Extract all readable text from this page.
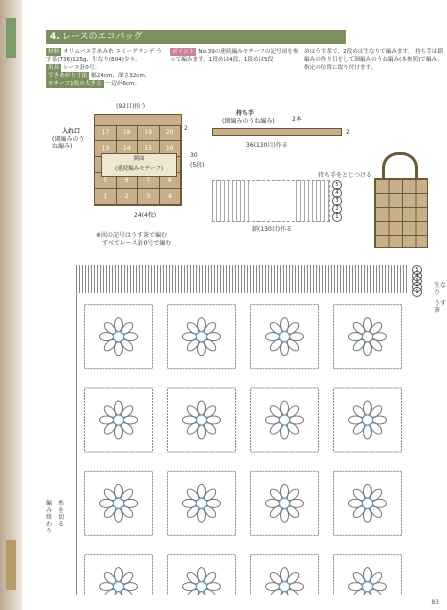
4. レースのエコバッグ
材料 オリムパス手あみ糸 エミーグランデ うす茶(736)125g、生なり(804)少々。
用具 レース針0号。
できあがり寸法 幅24cm、深さ32cm。
モチーフ1枚の大きさ 一辺が6cm。
ポイント No.39の連続編みモチーフの記号図を参って編みます。1段めは4段、1段めは5段
めはうす茶で、2段めは生なりで編みます。 持ち手は鎖編みの作り目をして細編みのうね編み(本参照)で編み、指定の位置に取り付けます。
(92目)拾う
入れ口
(細編みのうね編み)
2
30
(5段)
24(4枚)
※図の記号はうす茶で編む
すべてレース針0号で編む
17	18	19	20
13	14	15	16
5	6	7	8
1	2	3	4
側面
(連続編みモチーフ)
持ち手
(細編みのうね編み)	2本
2
36(130目)作る
持ち手をとじつける
鎖(130目)作る
5
4
3
2
1
5
4
3
2
1
生なり
うす茶
編み終わり
糸を切る
83
